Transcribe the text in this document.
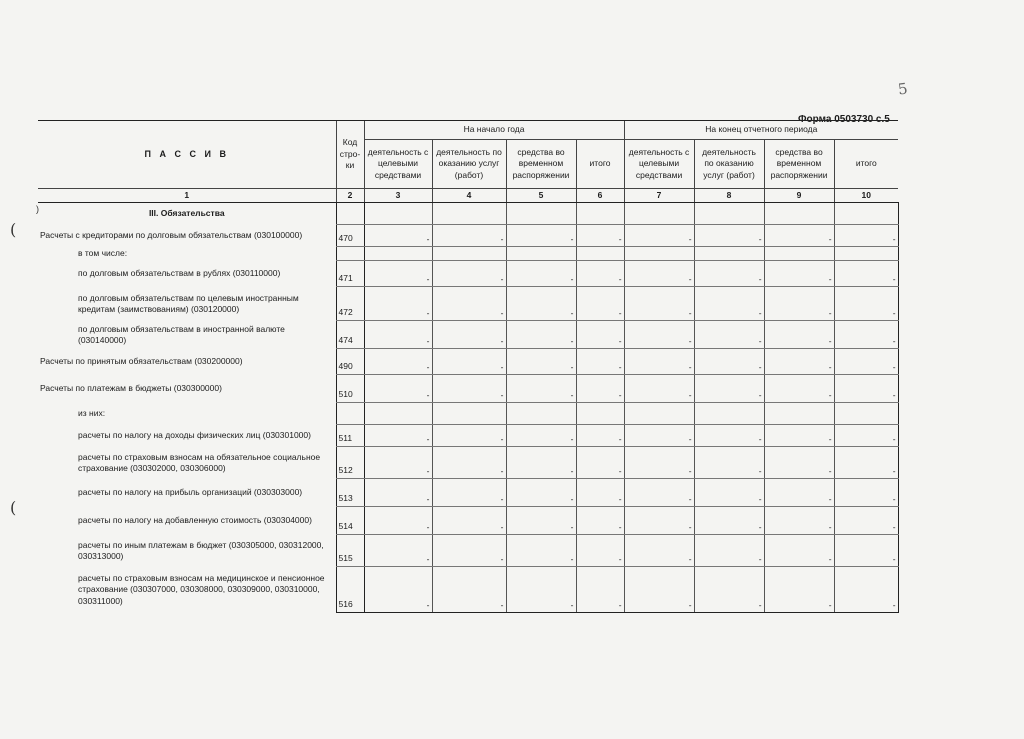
5
Форма 0503730 с.5
(
(
)
П А С С И В	Код стро-ки	На начало года				На конец отчетного периода			
		деятельность с целевыми средствами	деятельность по оказанию услуг (работ)	средства во временном распоряжении	итого	деятельность с целевыми средствами	деятельность по оказанию услуг (работ)	средства во временном распоряжении	итого
1	2	3	4	5	6	7	8	9	10
III. Обязательства									
Расчеты с кредиторами по долговым обязательствам (030100000)	470	-	-	-	-	-	-	-	-
в том числе:									
по долговым обязательствам в рублях (030110000)	471	-	-	-	-	-	-	-	-
по долговым обязательствам по целевым иностранным кредитам (заимствованиям) (030120000)	472	-	-	-	-	-	-	-	-
по долговым обязательствам в иностранной валюте (030140000)	474	-	-	-	-	-	-	-	-
Расчеты по принятым обязательствам (030200000)	490	-	-	-	-	-	-	-	-
Расчеты по платежам в бюджеты (030300000)	510	-	-	-	-	-	-	-	-
из них:									
расчеты по налогу на доходы физических лиц (030301000)	511	-	-	-	-	-	-	-	-
расчеты по страховым взносам на обязательное социальное страхование (030302000, 030306000)	512	-	-	-	-	-	-	-	-
расчеты по налогу на прибыль организаций (030303000)	513	-	-	-	-	-	-	-	-
расчеты по налогу на добавленную стоимость (030304000)	514	-	-	-	-	-	-	-	-
расчеты по иным платежам в бюджет (030305000, 030312000, 030313000)	515	-	-	-	-	-	-	-	-
расчеты по страховым взносам на медицинское и пенсионное страхование (030307000, 030308000, 030309000, 030310000, 030311000)	516	-	-	-	-	-	-	-	-
